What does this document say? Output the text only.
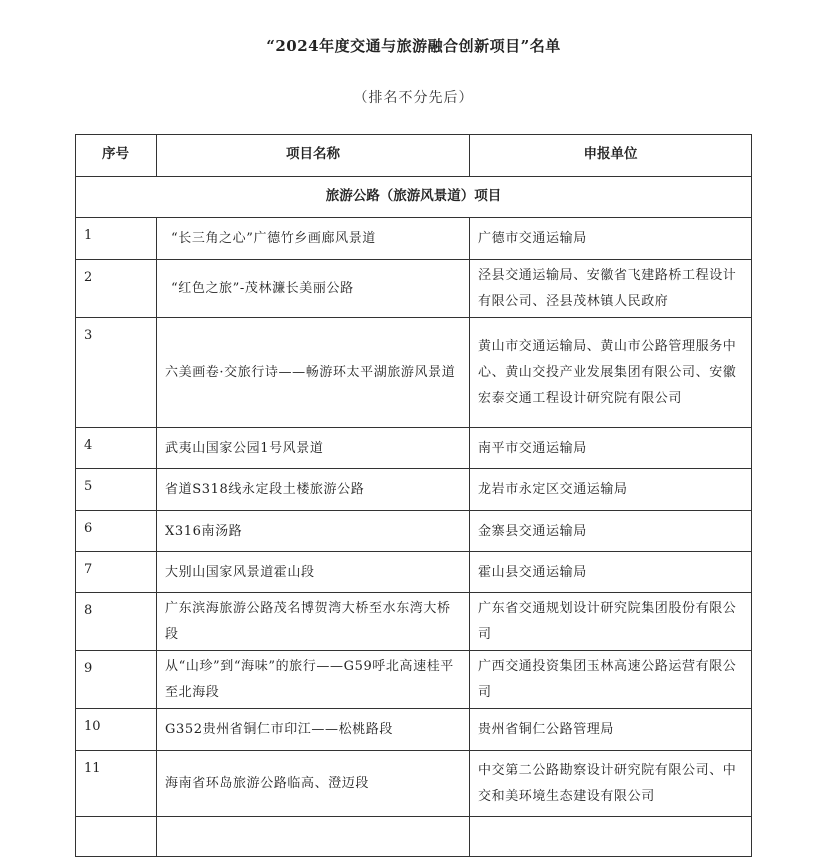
“2024年度交通与旅游融合创新项目”名单

（排名不分先后）

序号	项目名称	申报单位
旅游公路（旅游风景道）项目		
1	“长三角之心”广德竹乡画廊风景道	广德市交通运输局
2	“红色之旅”-茂林濂长美丽公路	泾县交通运输局、安徽省飞建路桥工程设计有限公司、泾县茂林镇人民政府
3	六美画卷·交旅行诗——畅游环太平湖旅游风景道	黄山市交通运输局、黄山市公路管理服务中心、黄山交投产业发展集团有限公司、安徽宏泰交通工程设计研究院有限公司
4	武夷山国家公园1号风景道	南平市交通运输局
5	省道S318线永定段土楼旅游公路	龙岩市永定区交通运输局
6	X316南汤路	金寨县交通运输局
7	大别山国家风景道霍山段	霍山县交通运输局
8	广东滨海旅游公路茂名博贺湾大桥至水东湾大桥段	广东省交通规划设计研究院集团股份有限公司
9	从“山珍”到“海味”的旅行——G59呼北高速桂平至北海段	广西交通投资集团玉林高速公路运营有限公司
10	G352贵州省铜仁市印江——松桃路段	贵州省铜仁公路管理局
11	海南省环岛旅游公路临高、澄迈段	中交第二公路勘察设计研究院有限公司、中交和美环境生态建设有限公司
